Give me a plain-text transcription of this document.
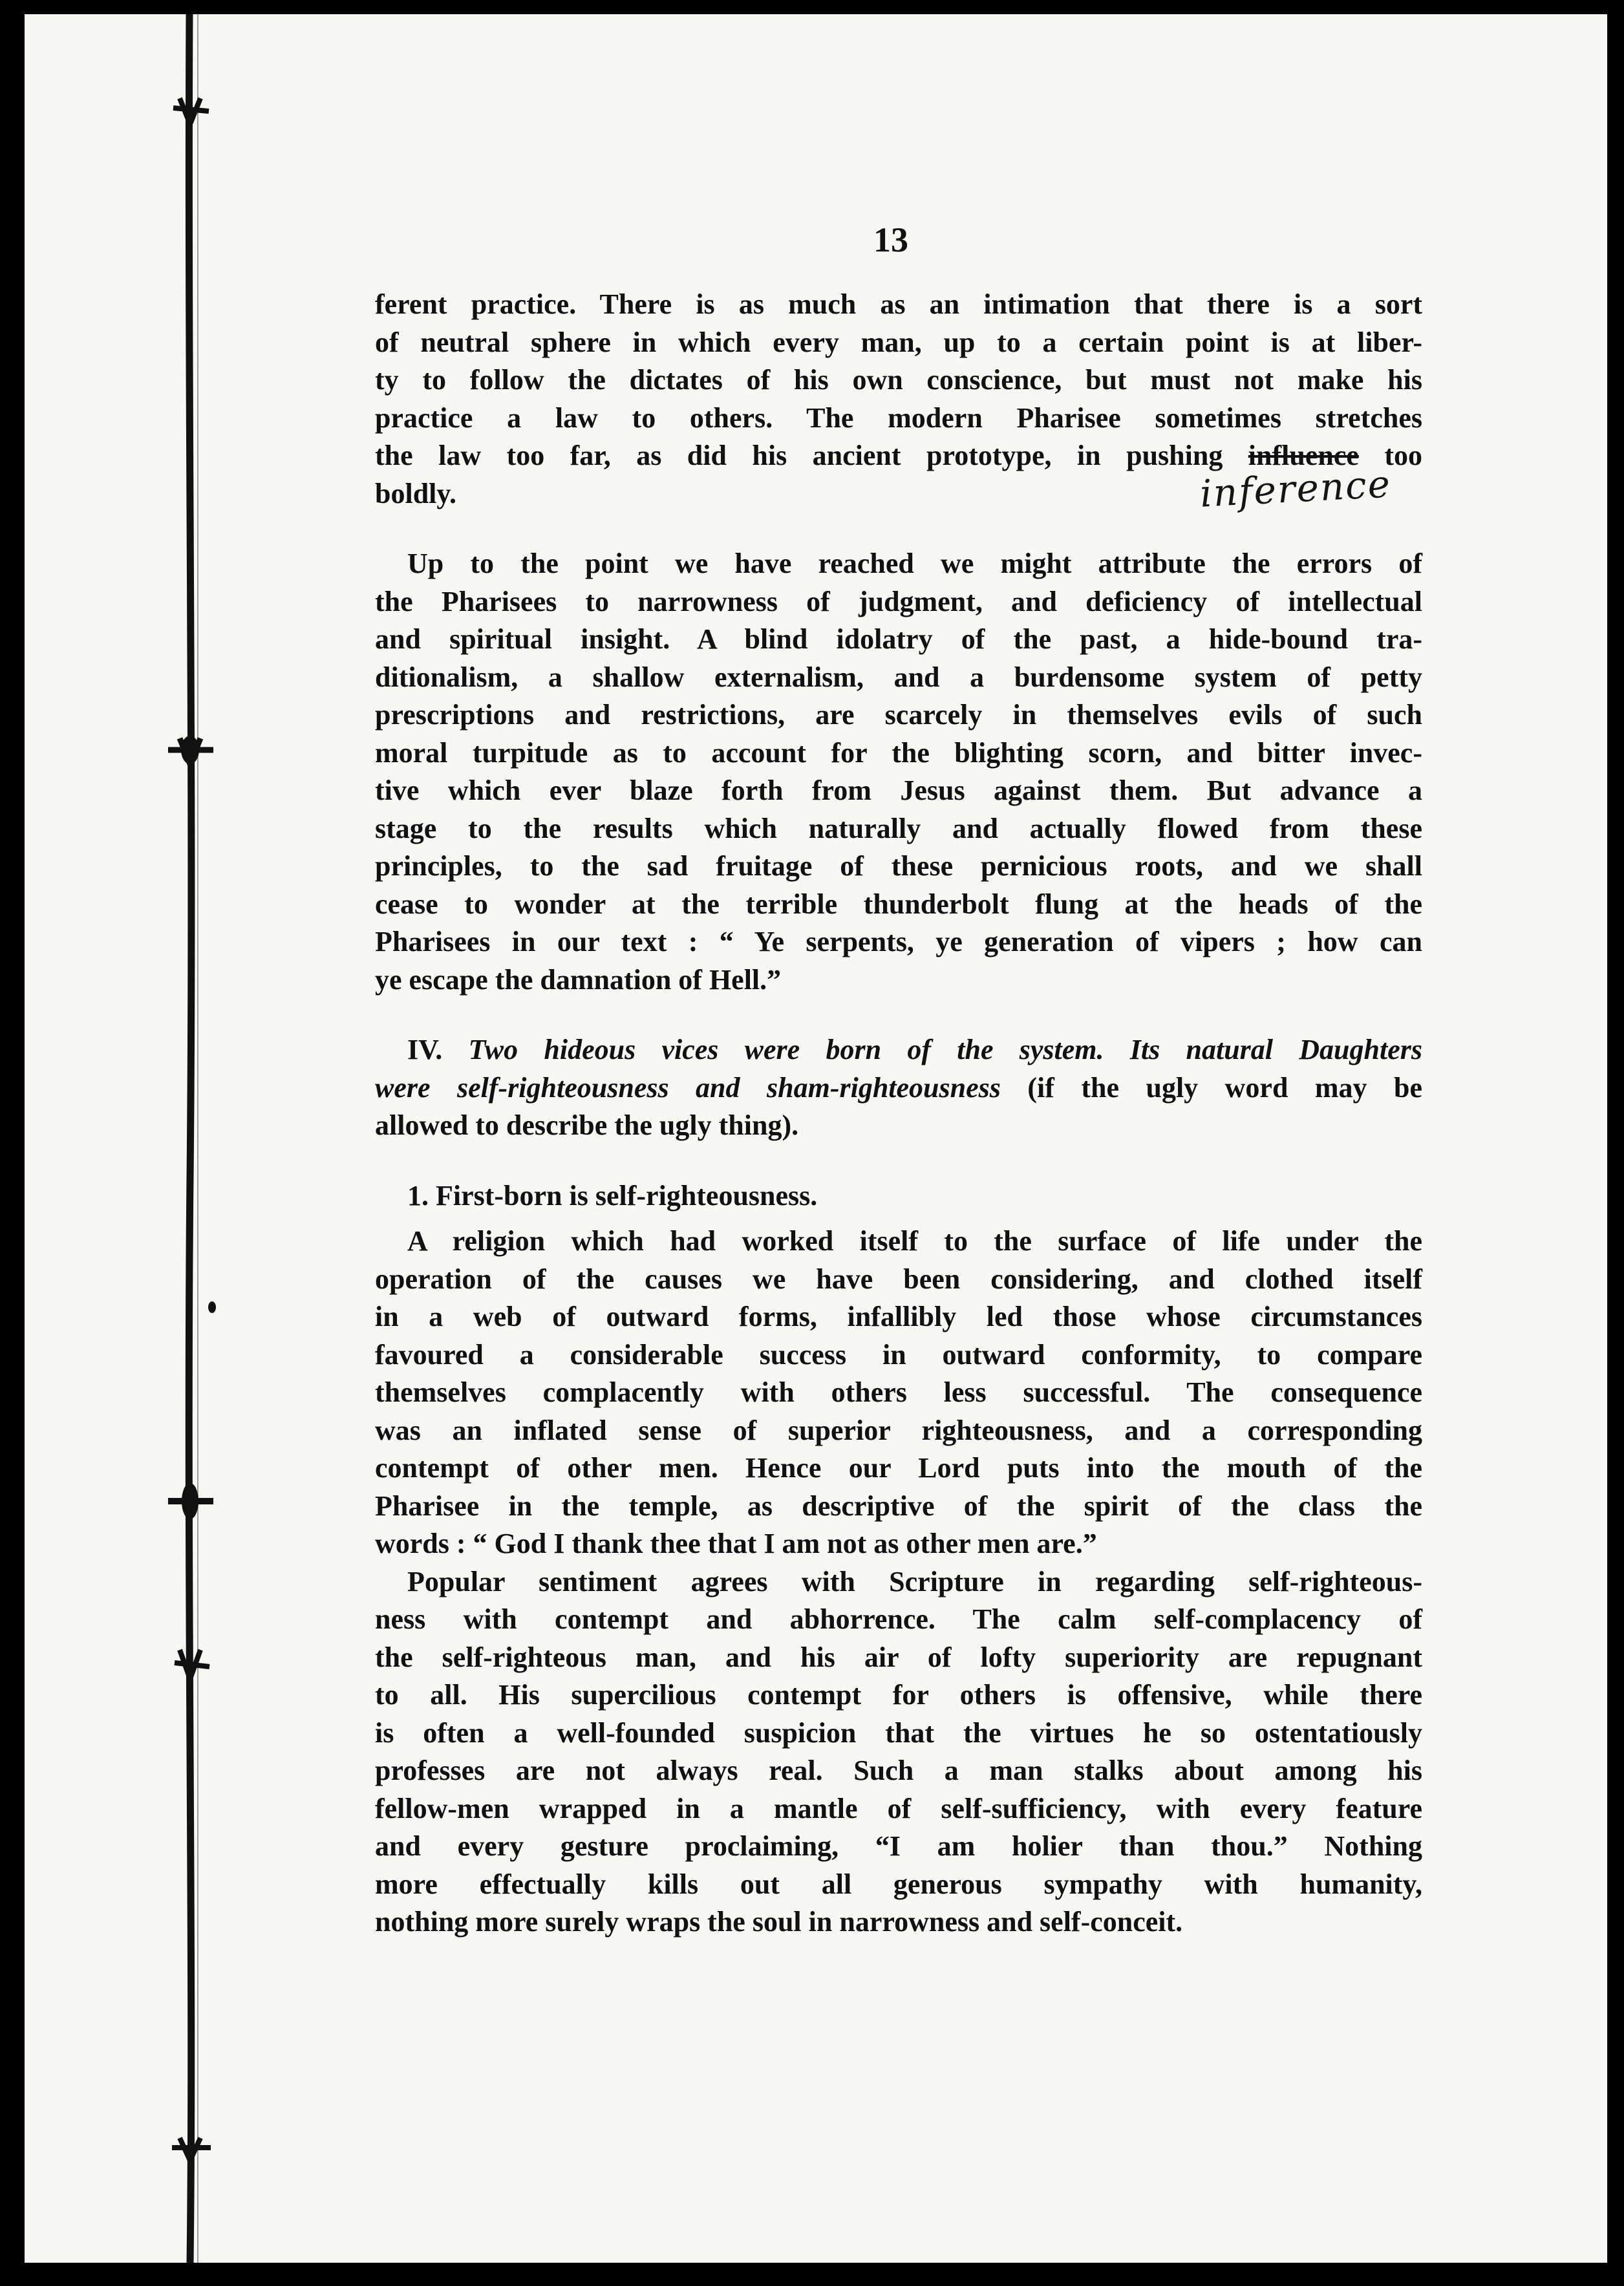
13
ferent practice. There is as much as an intimation that there is a sort
of neutral sphere in which every man, up to a certain point is at liber-
ty to follow the dictates of his own conscience, but must not make his
practice a law to others. The modern Pharisee sometimes stretches
the law too far, as did his ancient prototype, in pushing influence too
boldly.
Up to the point we have reached we might attribute the errors of
the Pharisees to narrowness of judgment, and deficiency of intellectual
and spiritual insight. A blind idolatry of the past, a hide-bound tra-
ditionalism, a shallow externalism, and a burdensome system of petty
prescriptions and restrictions, are scarcely in themselves evils of such
moral turpitude as to account for the blighting scorn, and bitter invec-
tive which ever blaze forth from Jesus against them. But advance a
stage to the results which naturally and actually flowed from these
principles, to the sad fruitage of these pernicious roots, and we shall
cease to wonder at the terrible thunderbolt flung at the heads of the
Pharisees in our text : “ Ye serpents, ye generation of vipers ; how can
ye escape the damnation of Hell.”
IV. Two hideous vices were born of the system. Its natural Daughters
were self-righteousness and sham-righteousness (if the ugly word may be
allowed to describe the ugly thing).
1. First-born is self-righteousness.
A religion which had worked itself to the surface of life under the
operation of the causes we have been considering, and clothed itself
in a web of outward forms, infallibly led those whose circumstances
favoured a considerable success in outward conformity, to compare
themselves complacently with others less successful. The consequence
was an inflated sense of superior righteousness, and a corresponding
contempt of other men. Hence our Lord puts into the mouth of the
Pharisee in the temple, as descriptive of the spirit of the class the
words : “ God I thank thee that I am not as other men are.”
Popular sentiment agrees with Scripture in regarding self-righteous-
ness with contempt and abhorrence. The calm self-complacency of
the self-righteous man, and his air of lofty superiority are repugnant
to all. His supercilious contempt for others is offensive, while there
is often a well-founded suspicion that the virtues he so ostentatiously
professes are not always real. Such a man stalks about among his
fellow-men wrapped in a mantle of self-sufficiency, with every feature
and every gesture proclaiming, “I am holier than thou.” Nothing
more effectually kills out all generous sympathy with humanity,
nothing more surely wraps the soul in narrowness and self-conceit.
inference
